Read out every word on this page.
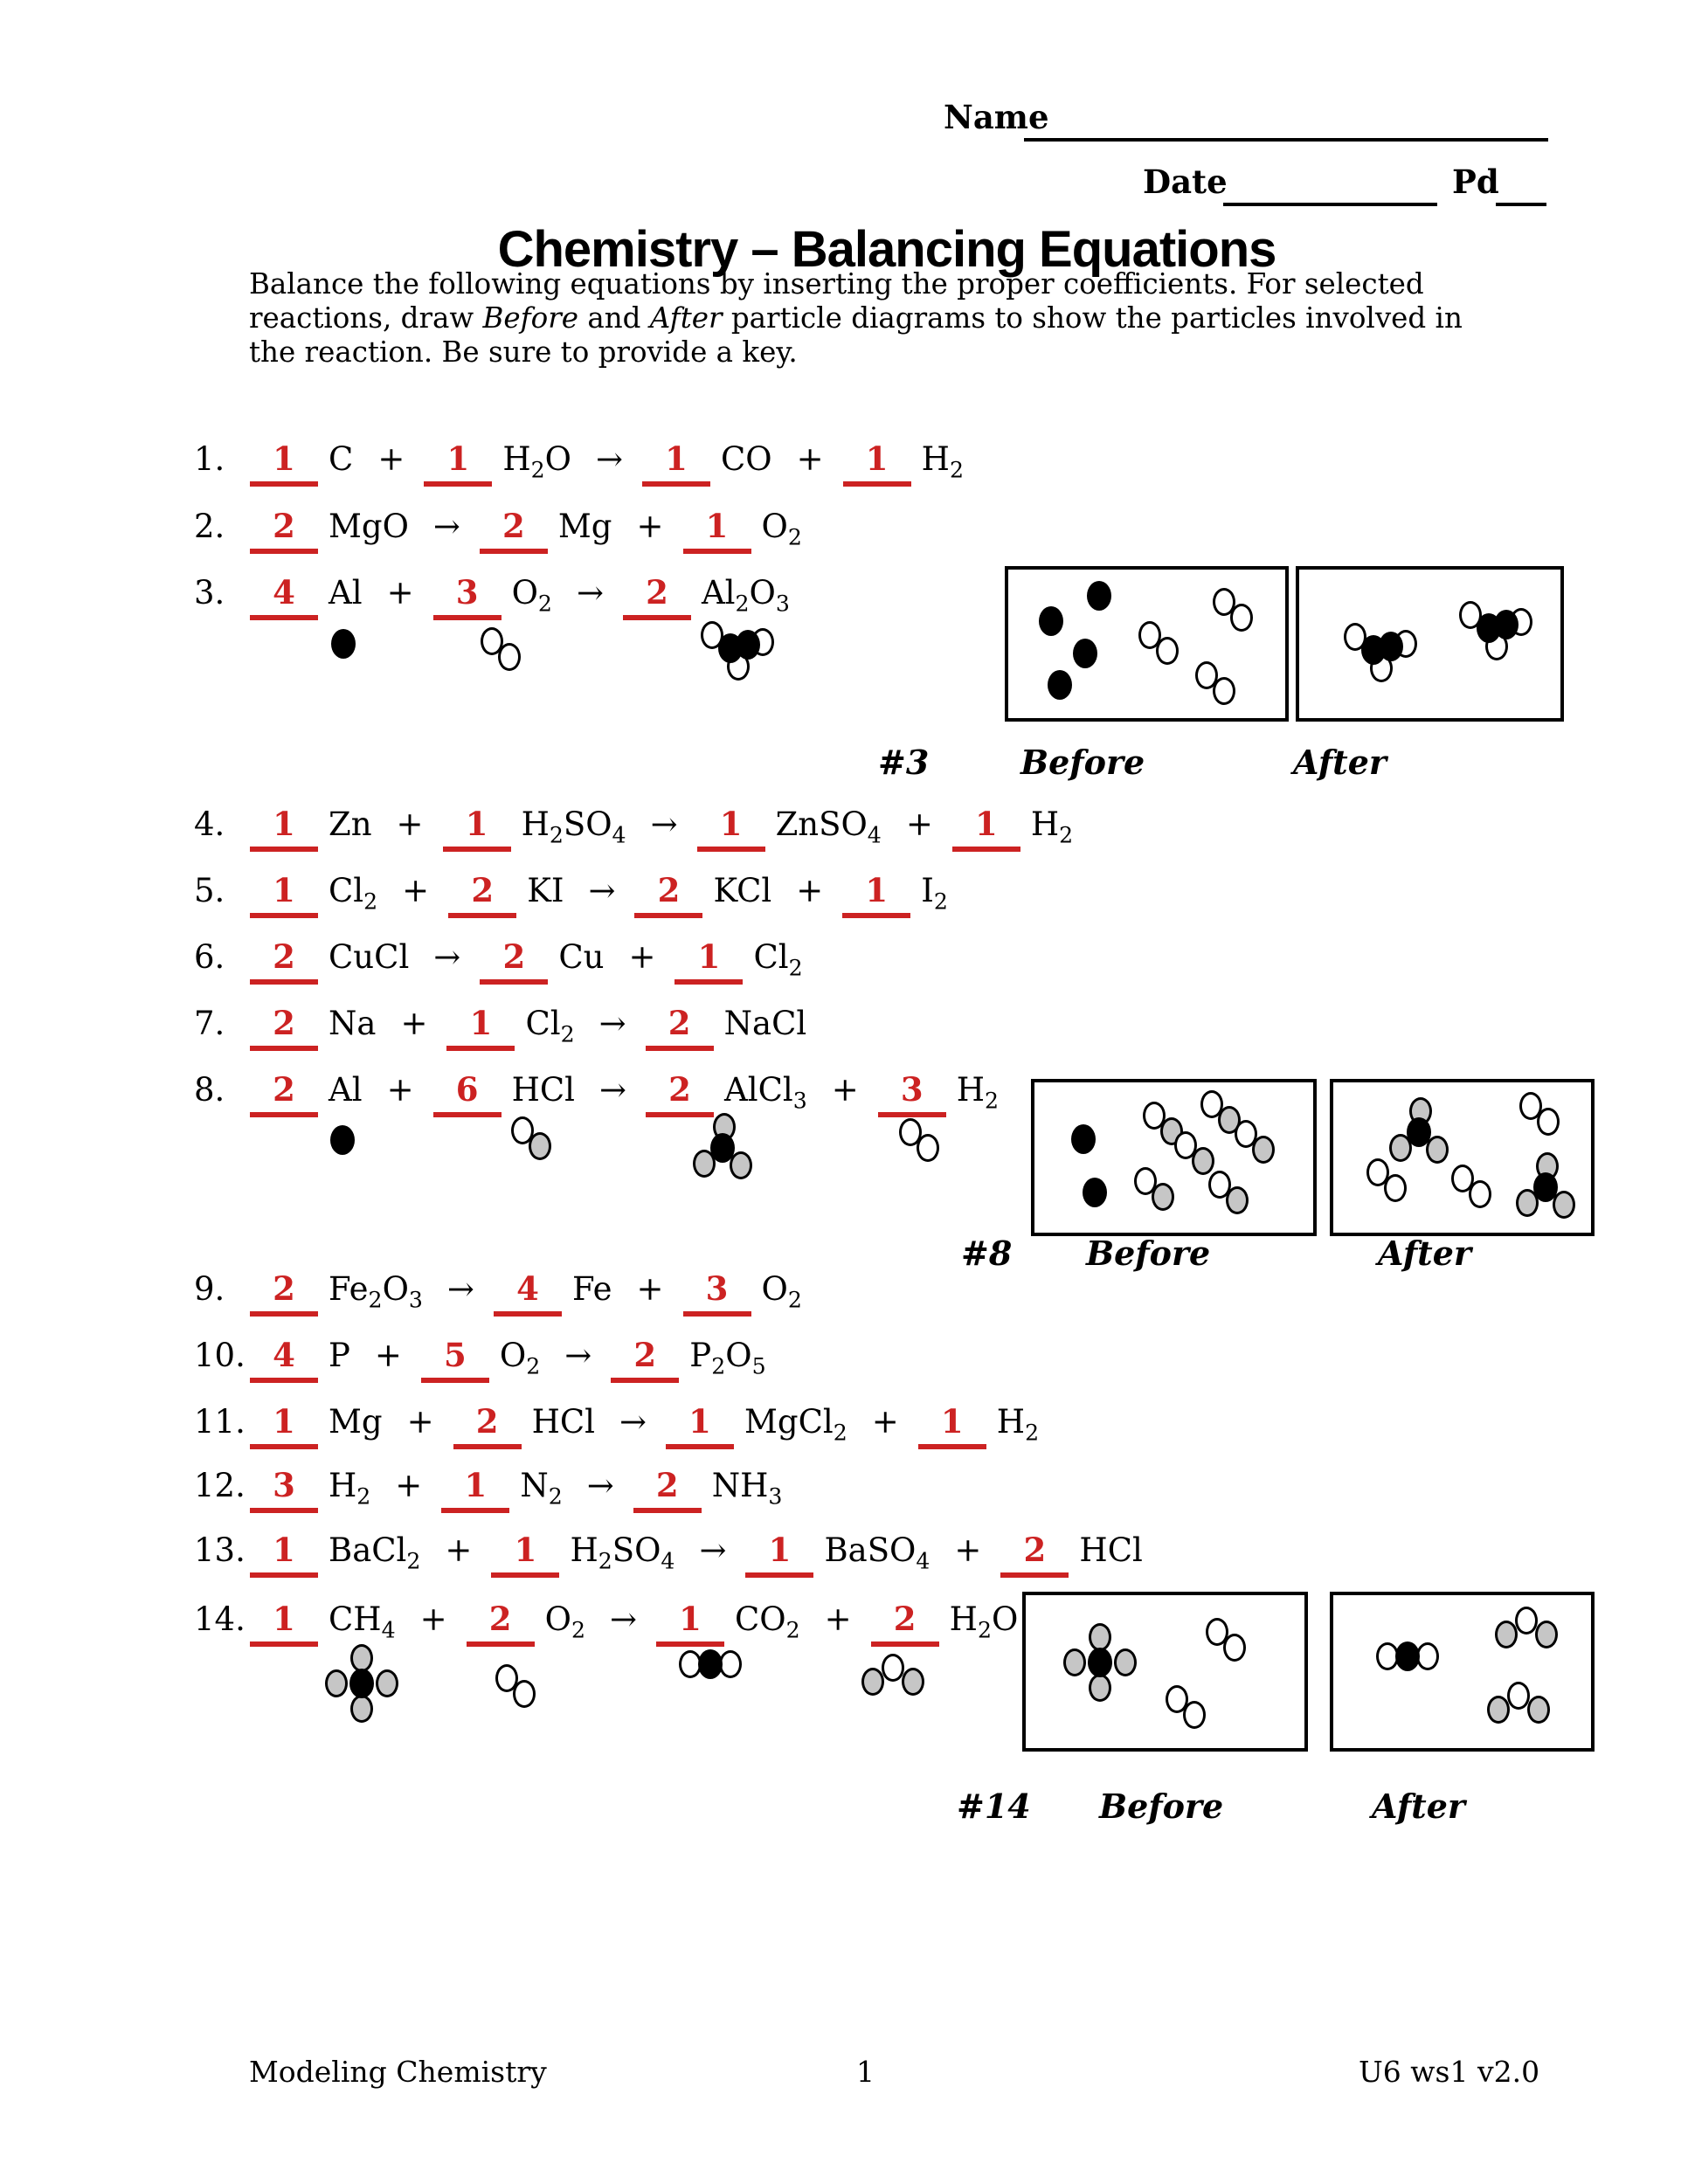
Name
Date	Pd
Chemistry – Balancing Equations
Balance the following equations by inserting the proper coefficients. For selected
reactions, draw Before and After particle diagrams to show the particles involved in
the reaction. Be sure to provide a key.
1.	1	C +	1	$H_2O$ →	1	CO +	1	$H_2$
2.	2	MgO →	2	Mg +	1	$O_2$
3.	4	Al +	3	$O_2$ →	2	$Al_2O_3$
4.	1	Zn +	1	$H_2SO_4$ →	1	ZnSO$_4$ +	1	$H_2$
5.	1	$Cl_2$ +	2	KI →	2	KCl +	1	$I_2$
6.	2	CuCl →	2	Cu +	1	$Cl_2$
7.	2	Na +	1	$Cl_2$ →	2	NaCl
8.	2	Al +	6	HCl →	2	AlCl$_3$ +	3	$H_2$
9.	2	$Fe_2O_3$ →	4	Fe +	3	$O_2$
10. 4	P +	5	$O_2$ →	2	$P_2O_5$
11. 1	Mg +	2	HCl →	1	MgCl$_2$ +	1	$H_2$
12. 3	$H_2$ +	1	$N_2$ →	2	$NH_3$
13. 1	BaCl$_2$ +	1	$H_2SO_4$ →	1	BaSO$_4$ +	2	HCl
14. 1	$CH_4$ +	2	$O_2$ →	1	$CO_2$ +	2	$H_2O$
#3	Before	After
#8 Before	After
#14 Before	After
Modeling Chemistry	1	U6 ws1 v2.0
